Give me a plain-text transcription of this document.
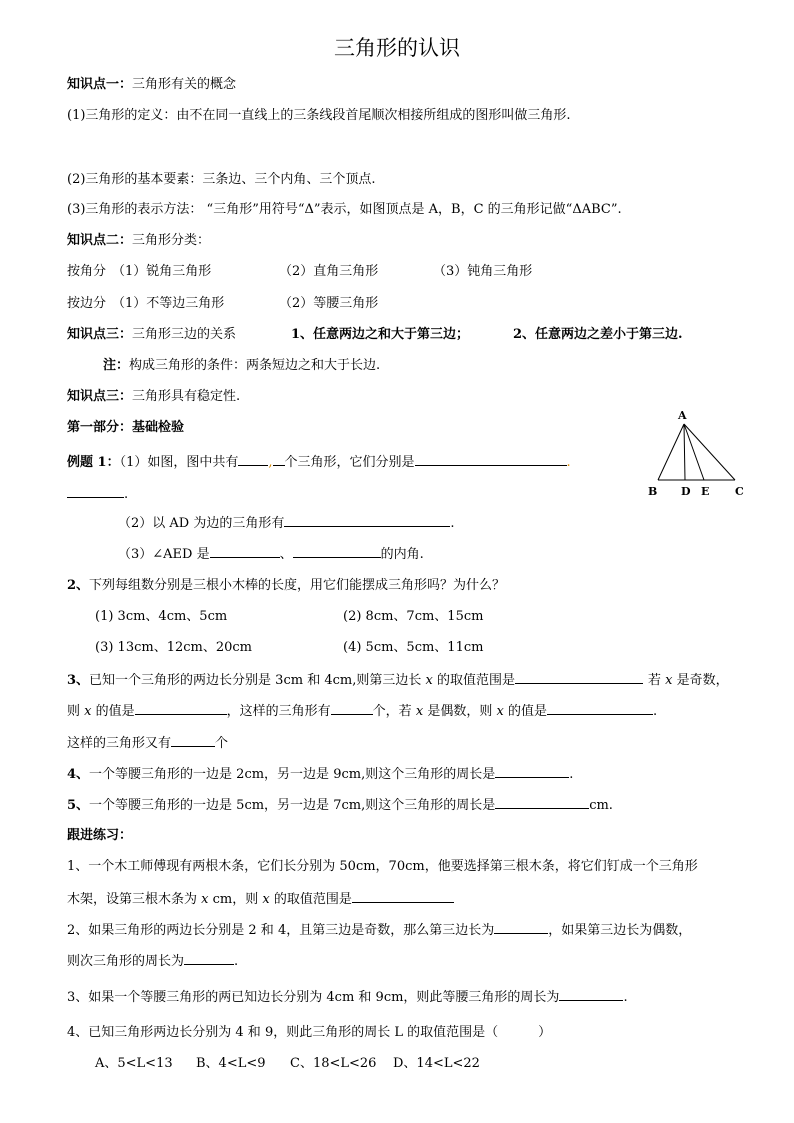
三角形的认识
知识点一：三角形有关的概念
(1)三角形的定义：由不在同一直线上的三条线段首尾顺次相接所组成的图形叫做三角形.
(2)三角形的基本要素：三条边、三个内角、三个顶点.
(3)三角形的表示方法： “三角形”用符号“Δ”表示，如图顶点是 A，B，C 的三角形记做“ΔABC”.
知识点二：三角形分类：
按角分 （1）锐角三角形	（2）直角三角形	（3）钝角三角形
按边分 （1）不等边三角形	（2）等腰三角形
知识点三：三角形三边的关系	1、任意两边之和大于第三边；	2、任意两边之差小于第三边.
注：构成三角形的条件：两条短边之和大于长边.
知识点三：三角形具有稳定性.
第一部分：基础检验
A
B D E C
例题 1：（1）如图，图中共有 , 个三角形，它们分别是	.
.
（2）以 AD 为边的三角形有	.
（3）∠AED 是	、	的内角.
2、下列每组数分别是三根小木棒的长度，用它们能摆成三角形吗？为什么？
(1) 3cm、4cm、5cm	(2) 8cm、7cm、15cm
(3) 13cm、12cm、20cm	(4) 5cm、5cm、11cm
3、已知一个三角形的两边长分别是 3cm 和 4cm,则第三边长 x 的取值范围是	若 x 是奇数，
则 x 的值是	，这样的三角形有	个，若 x 是偶数，则 x 的值是	.
这样的三角形又有	个
4、一个等腰三角形的一边是 2cm，另一边是 9cm,则这个三角形的周长是	.
5、一个等腰三角形的一边是 5cm，另一边是 7cm,则这个三角形的周长是	cm.
跟进练习：
1、一个木工师傅现有两根木条，它们长分别为 50cm，70cm，他要选择第三根木条，将它们钉成一个三角形
木架，设第三根木条为 x cm，则 x 的取值范围是
2、如果三角形的两边长分别是 2 和 4，且第三边是奇数，那么第三边长为	，如果第三边长为偶数，
则次三角形的周长为	.
3、如果一个等腰三角形的两已知边长分别为 4cm 和 9cm，则此等腰三角形的周长为	.
4、已知三角形两边长分别为 4 和 9，则此三角形的周长 L 的取值范围是（	）
A、5<L<13 B、4<L<9 C、18<L<26 D、14<L<22
